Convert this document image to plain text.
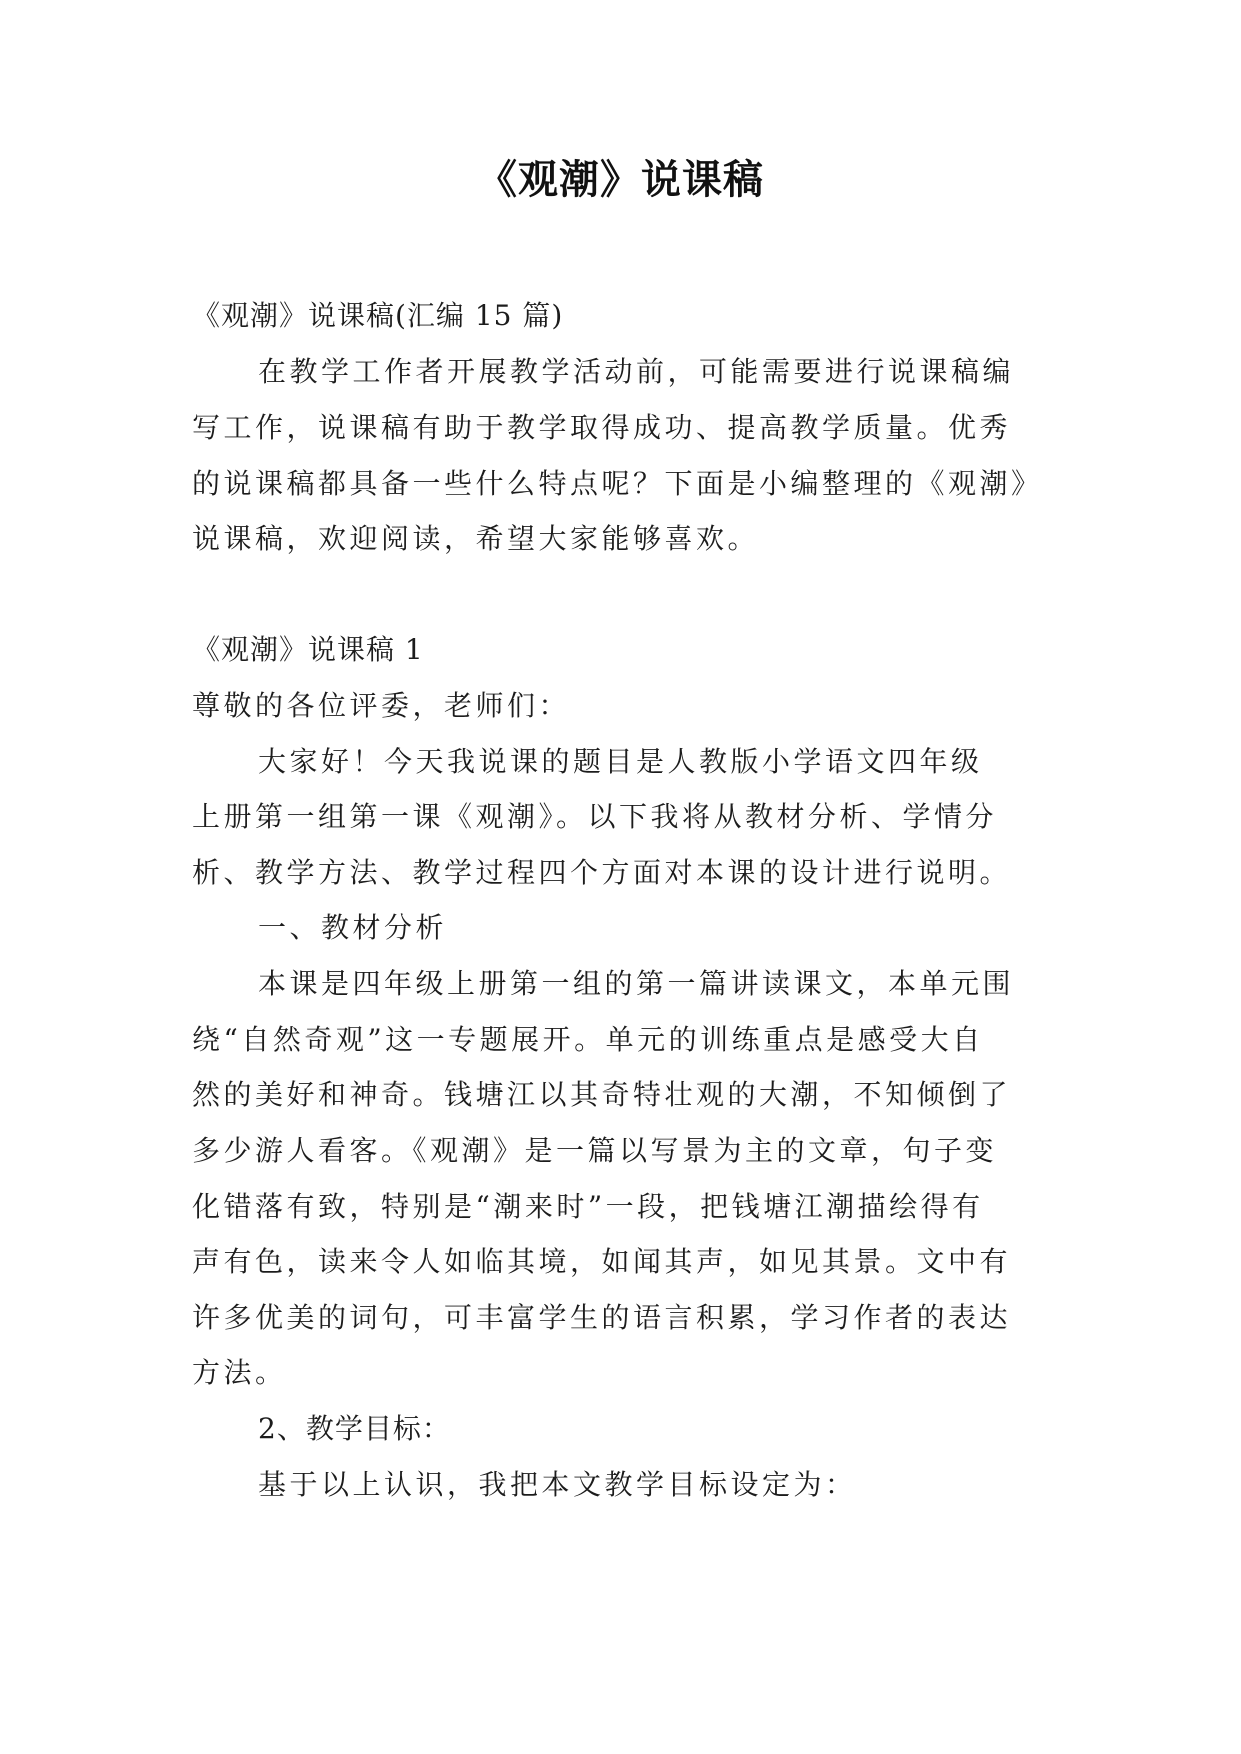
《观潮》说课稿
《观潮》说课稿(汇编 15 篇)
在教学工作者开展教学活动前，可能需要进行说课稿编
写工作，说课稿有助于教学取得成功、提高教学质量。优秀
的说课稿都具备一些什么特点呢？下面是小编整理的《观潮》
说课稿，欢迎阅读，希望大家能够喜欢。
《观潮》说课稿 1
尊敬的各位评委，老师们：
大家好！今天我说课的题目是人教版小学语文四年级
上册第一组第一课《观潮》。以下我将从教材分析、学情分
析、教学方法、教学过程四个方面对本课的设计进行说明。
一、教材分析
本课是四年级上册第一组的第一篇讲读课文，本单元围
绕“自然奇观”这一专题展开。单元的训练重点是感受大自
然的美好和神奇。钱塘江以其奇特壮观的大潮，不知倾倒了
多少游人看客。《观潮》是一篇以写景为主的文章，句子变
化错落有致，特别是“潮来时”一段，把钱塘江潮描绘得有
声有色，读来令人如临其境，如闻其声，如见其景。文中有
许多优美的词句，可丰富学生的语言积累，学习作者的表达
方法。
2、教学目标：
基于以上认识，我把本文教学目标设定为：
